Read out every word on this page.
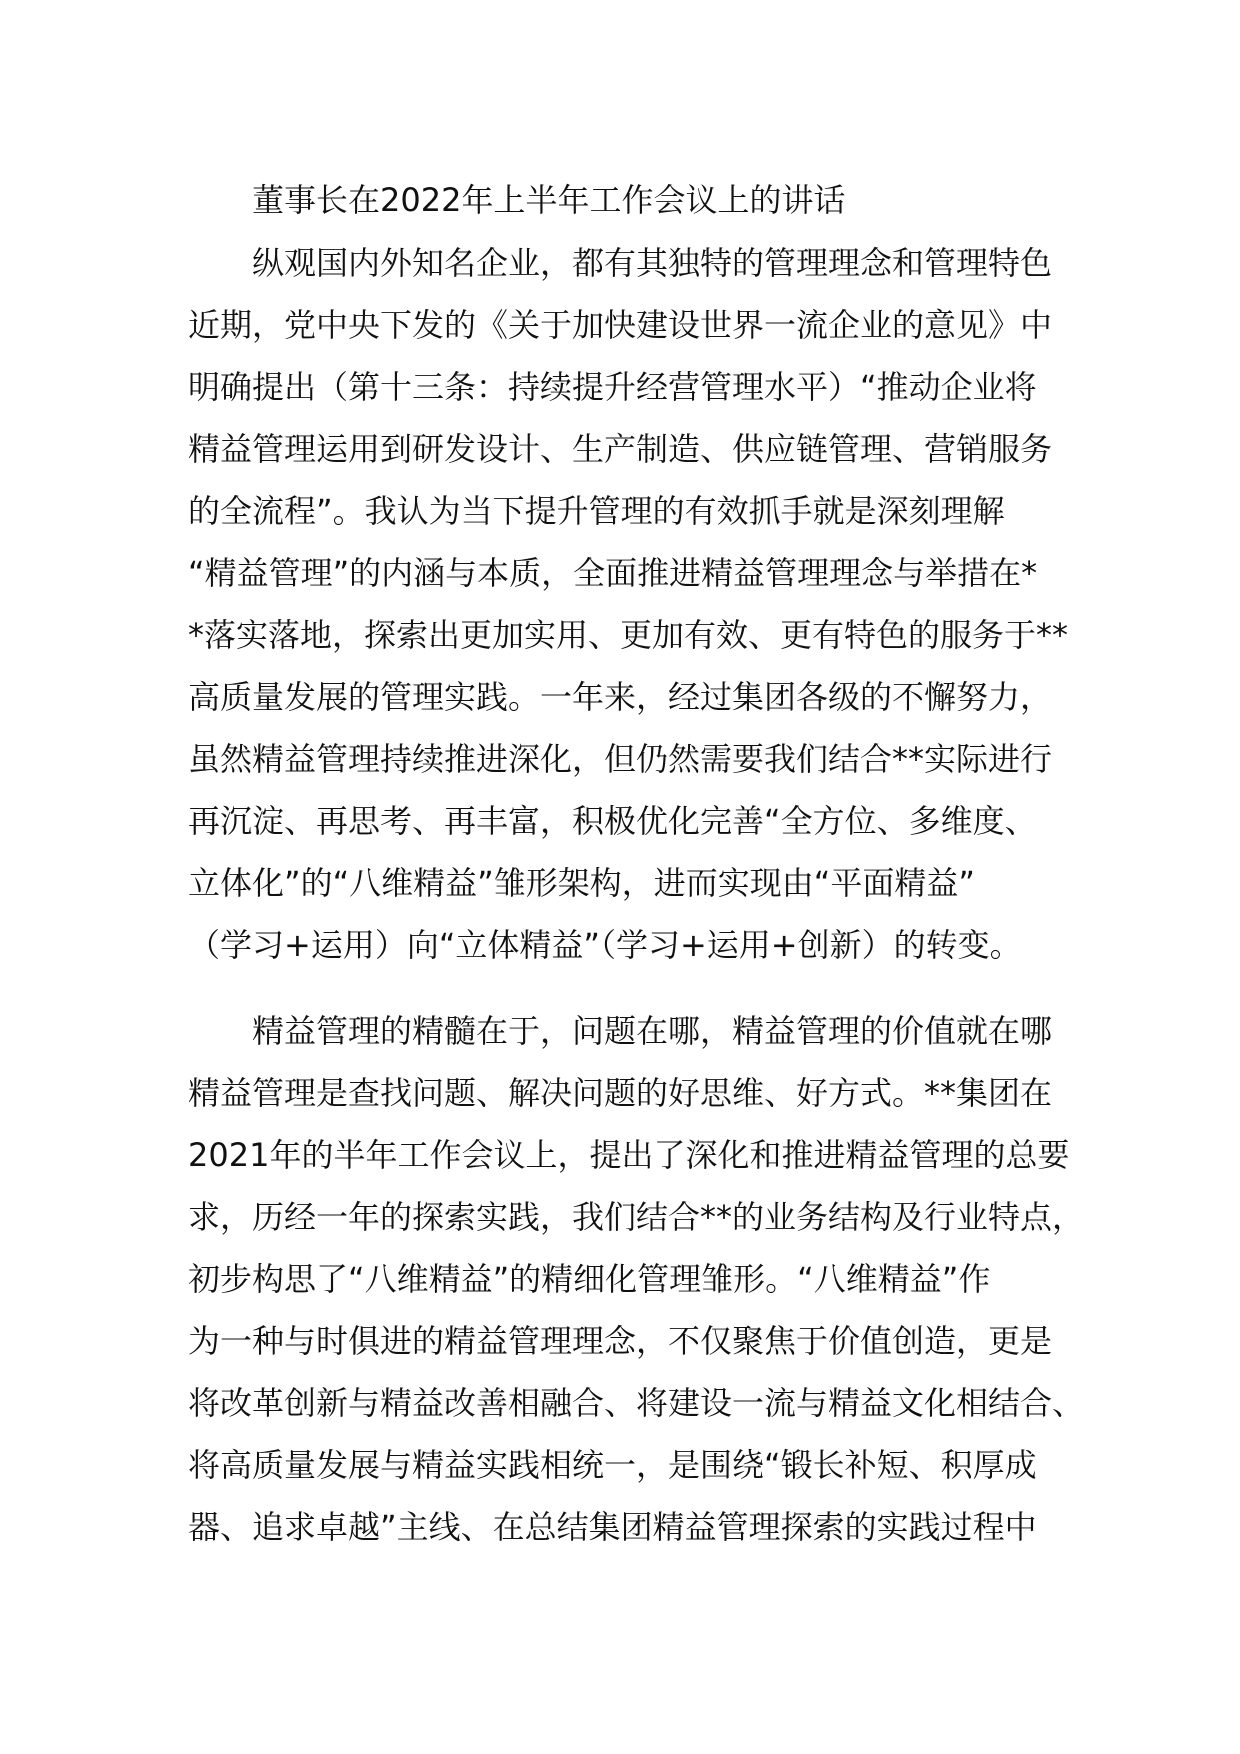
董事长在2022年上半年工作会议上的讲话
纵观国内外知名企业，都有其独特的管理理念和管理特色
近期，党中央下发的《关于加快建设世界一流企业的意见》中
明确提出（第十三条：持续提升经营管理水平）“推动企业将
精益管理运用到研发设计、生产制造、供应链管理、营销服务
的全流程”。我认为当下提升管理的有效抓手就是深刻理解
“精益管理”的内涵与本质，全面推进精益管理理念与举措在*
*落实落地，探索出更加实用、更加有效、更有特色的服务于**
高质量发展的管理实践。一年来，经过集团各级的不懈努力，
虽然精益管理持续推进深化，但仍然需要我们结合**实际进行
再沉淀、再思考、再丰富，积极优化完善“全方位、多维度、
立体化”的“八维精益”雏形架构，进而实现由“平面精益”
（学习+运用）向“立体精益”（学习+运用+创新）的转变。
精益管理的精髓在于，问题在哪，精益管理的价值就在哪
精益管理是查找问题、解决问题的好思维、好方式。**集团在
2021年的半年工作会议上，提出了深化和推进精益管理的总要
求，历经一年的探索实践，我们结合**的业务结构及行业特点，
初步构思了“八维精益”的精细化管理雏形。“八维精益”作
为一种与时俱进的精益管理理念，不仅聚焦于价值创造，更是
将改革创新与精益改善相融合、将建设一流与精益文化相结合、
将高质量发展与精益实践相统一，是围绕“锻长补短、积厚成
器、追求卓越”主线、在总结集团精益管理探索的实践过程中
